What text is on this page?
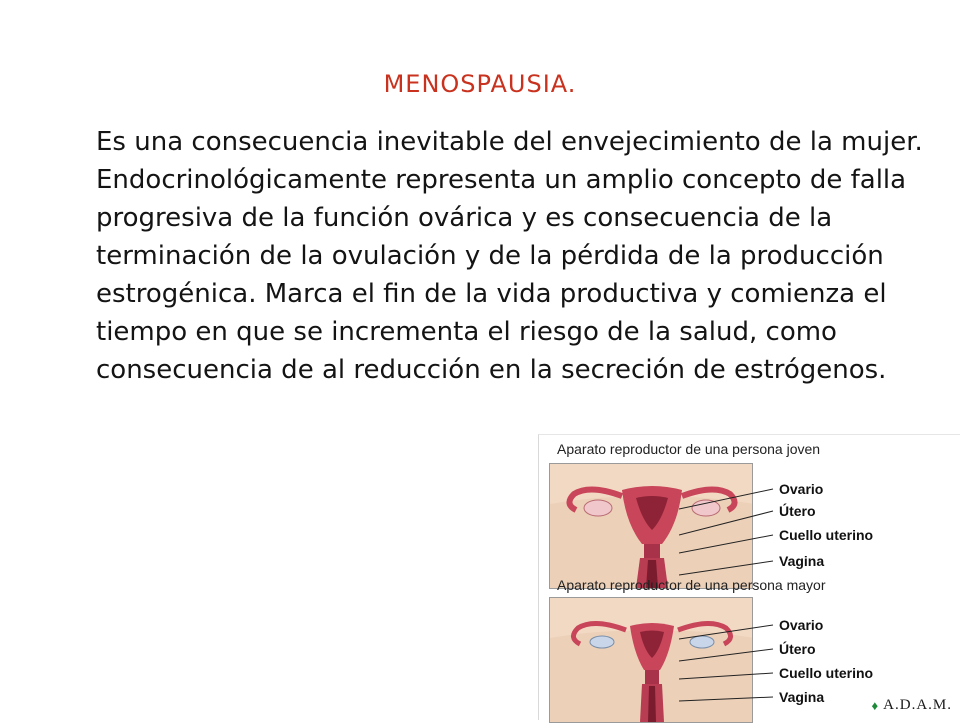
MENOSPAUSIA.
Es una consecuencia inevitable del envejecimiento de la mujer. Endocrinológicamente representa un amplio concepto de falla progresiva de la función ovárica y es consecuencia de la terminación de la ovulación y de la pérdida de la producción estrogénica. Marca el fin de la vida productiva y comienza el tiempo en que se incrementa el riesgo de la salud, como consecuencia de al reducción en la secreción de estrógenos.
Aparato reproductor de una persona joven
Ovario
Útero
Cuello uterino
Vagina
Aparato reproductor de una persona mayor
Ovario
Útero
Cuello uterino
Vagina	♦ A.D.A.M.
